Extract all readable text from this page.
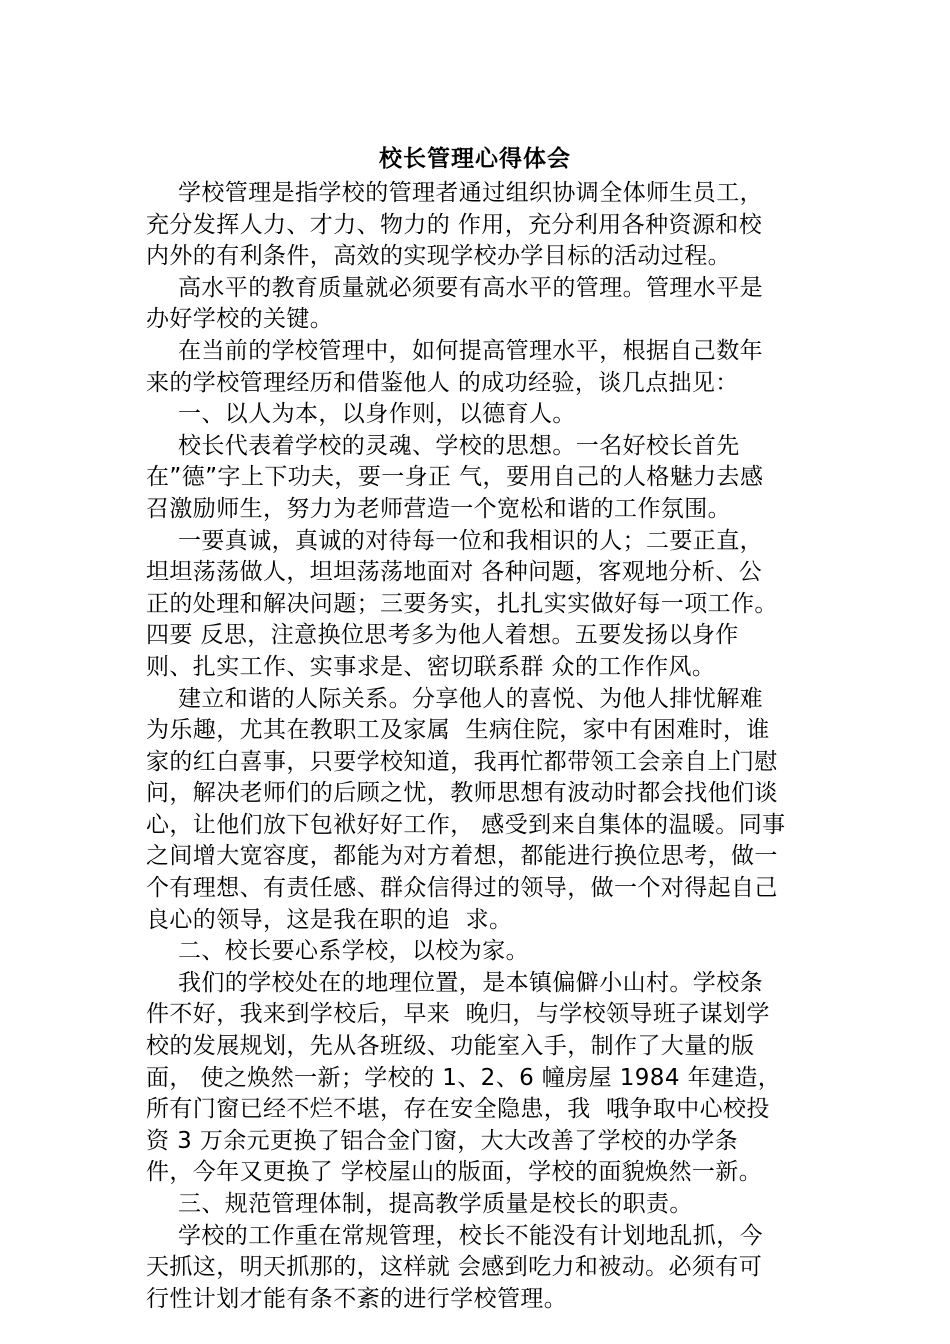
校长管理心得体会
学校管理是指学校的管理者通过组织协调全体师生员工，
充分发挥人力、才力、物力的 作用，充分利用各种资源和校
内外的有利条件，高效的实现学校办学目标的活动过程。
高水平的教育质量就必须要有高水平的管理。管理水平是
办好学校的关键。
在当前的学校管理中，如何提高管理水平，根据自己数年
来的学校管理经历和借鉴他人 的成功经验，谈几点拙见：
一、以人为本，以身作则，以德育人。
校长代表着学校的灵魂、学校的思想。一名好校长首先
在”德”字上下功夫，要一身正 气，要用自己的人格魅力去感
召激励师生，努力为老师营造一个宽松和谐的工作氛围。
一要真诚，真诚的对待每一位和我相识的人；二要正直，
坦坦荡荡做人，坦坦荡荡地面对 各种问题，客观地分析、公
正的处理和解决问题；三要务实，扎扎实实做好每一项工作。
四要 反思，注意换位思考多为他人着想。五要发扬以身作
则、扎实工作、实事求是、密切联系群 众的工作作风。
建立和谐的人际关系。分享他人的喜悦、为他人排忧解难
为乐趣，尤其在教职工及家属  生病住院，家中有困难时，谁
家的红白喜事，只要学校知道，我再忙都带领工会亲自上门慰
问，解决老师们的后顾之忧，教师思想有波动时都会找他们谈
心，让他们放下包袱好好工作， 感受到来自集体的温暖。同事
之间增大宽容度，都能为对方着想，都能进行换位思考，做一
个有理想、有责任感、群众信得过的领导，做一个对得起自己
良心的领导，这是我在职的追  求。
二、校长要心系学校，以校为家。
我们的学校处在的地理位置，是本镇偏僻小山村。学校条
件不好，我来到学校后，早来  晚归，与学校领导班子谋划学
校的发展规划，先从各班级、功能室入手，制作了大量的版
面， 使之焕然一新；学校的 1、2、6 幢房屋 1984 年建造，
所有门窗已经不烂不堪，存在安全隐患，我  哦争取中心校投
资 3 万余元更换了铝合金门窗，大大改善了学校的办学条
件，今年又更换了 学校屋山的版面，学校的面貌焕然一新。
三、规范管理体制，提高教学质量是校长的职责。
学校的工作重在常规管理，校长不能没有计划地乱抓，今
天抓这，明天抓那的，这样就 会感到吃力和被动。必须有可
行性计划才能有条不紊的进行学校管理。
